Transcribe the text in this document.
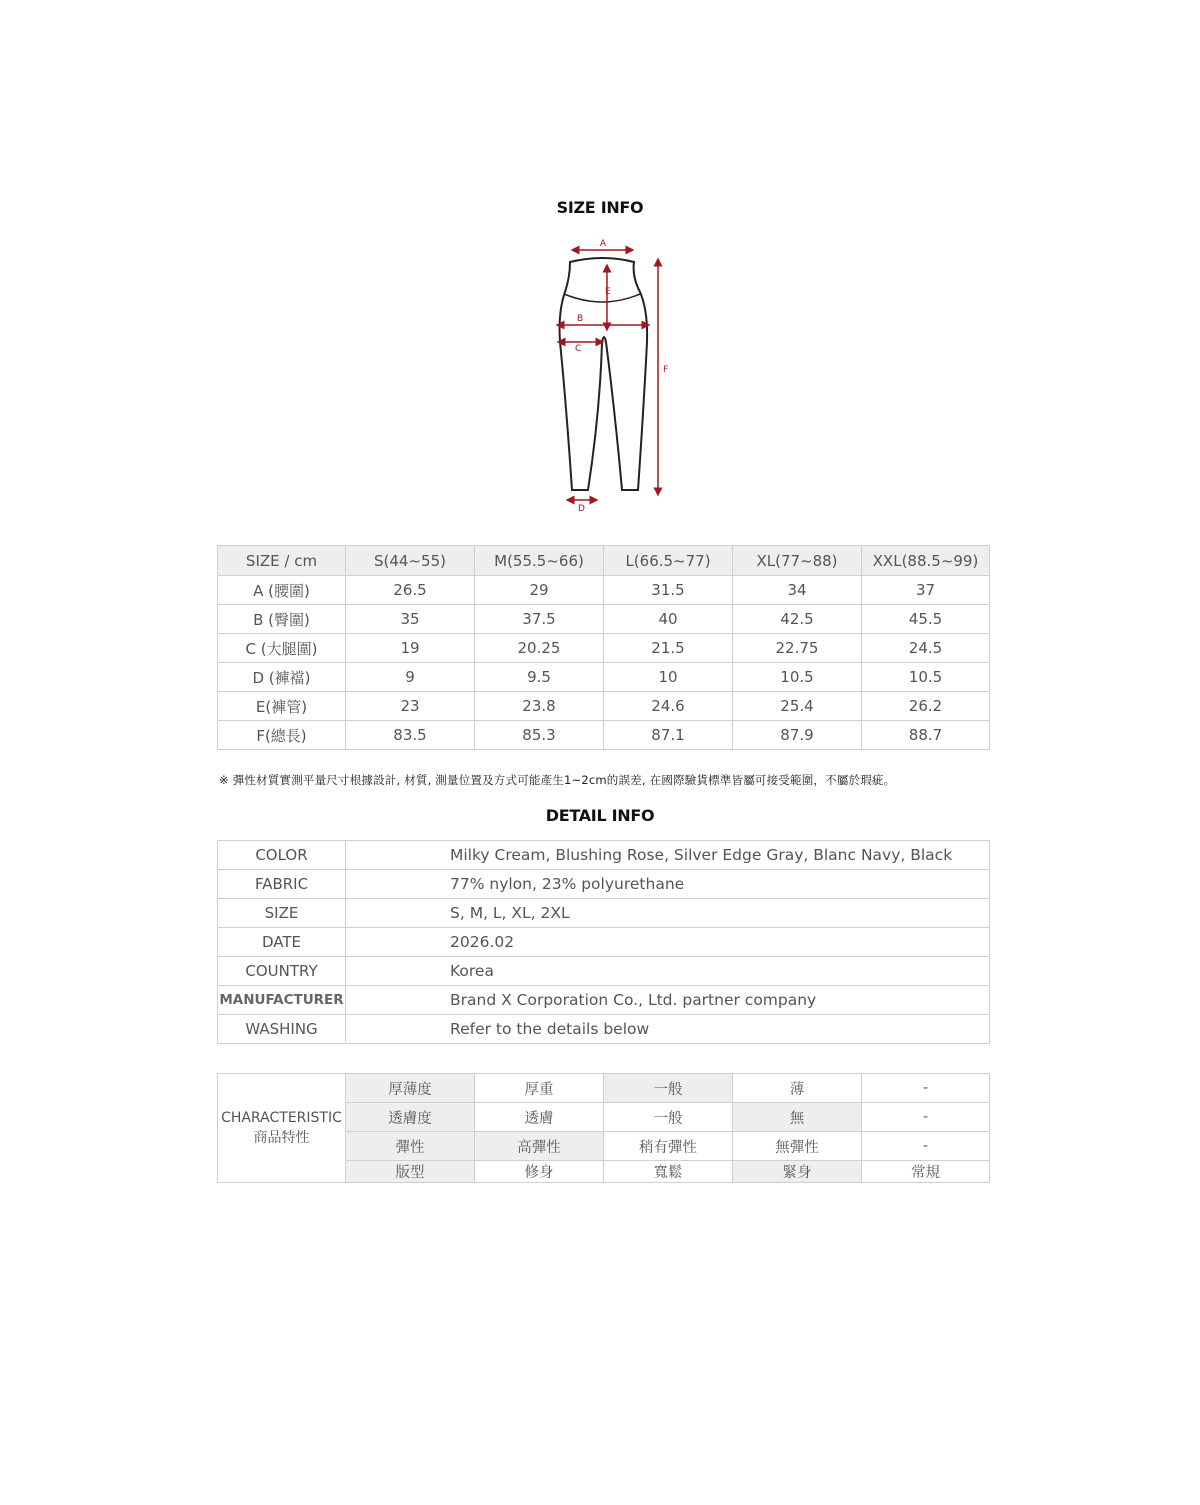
SIZE INFO
A
E
B
C
D
F
SIZE / cm	S(44~55)	M(55.5~66)	L(66.5~77)	XL(77~88)	XXL(88.5~99)
A (腰圍)	26.5	29	31.5	34	37
B (臀圍)	35	37.5	40	42.5	45.5
C (大腿圍)	19	20.25	21.5	22.75	24.5
D (褲襠)	9	9.5	10	10.5	10.5
E(褲管)	23	23.8	24.6	25.4	26.2
F(總長)	83.5	85.3	87.1	87.9	88.7
※ 彈性材質實測平量尺寸根據設計, 材質, 測量位置及方式可能產生1~2cm的誤差, 在國際驗貨標準皆屬可接受範圍，不屬於瑕疵。
DETAIL INFO
COLOR	Milky Cream, Blushing Rose, Silver Edge Gray, Blanc Navy, Black
FABRIC	77% nylon, 23% polyurethane
SIZE	S, M, L, XL, 2XL
DATE	2026.02
COUNTRY	Korea
MANUFACTURER	Brand X Corporation Co., Ltd. partner company
WASHING	Refer to the details below
CHARACTERISTIC
商品特性	厚薄度	厚重	一般	薄	-
	透膚度	透膚	一般	無	-
	彈性	高彈性	稍有彈性	無彈性	-
	版型	修身	寬鬆	緊身	常規
